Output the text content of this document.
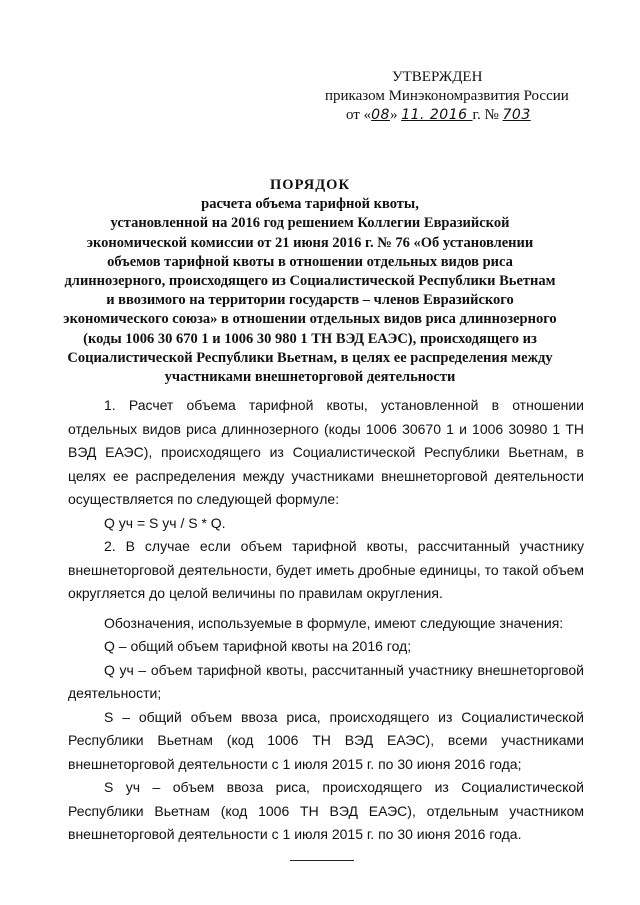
УТВЕРЖДЕН
приказом Минэкономразвития России
от «08» 11. 2016 г. № 703
ПОРЯДОК
расчета объема тарифной квоты,
установленной на 2016 год решением Коллегии Евразийской
экономической комиссии от 21 июня 2016 г. № 76 «Об установлении
объемов тарифной квоты в отношении отдельных видов риса
длиннозерного, происходящего из Социалистической Республики Вьетнам
и ввозимого на территории государств – членов Евразийского
экономического союза» в отношении отдельных видов риса длиннозерного
(коды 1006 30 670 1 и 1006 30 980 1 ТН ВЭД ЕАЭС), происходящего из
Социалистической Республики Вьетнам, в целях ее распределения между
участниками внешнеторговой деятельности

1. Расчет объема тарифной квоты, установленной в отношении отдельных видов риса длиннозерного (коды 1006 30670 1 и 1006 30980 1 ТН ВЭД ЕАЭС), происходящего из Социалистической Республики Вьетнам, в целях ее распределения между участниками внешнеторговой деятельности осуществляется по следующей формуле:

Q уч = S уч / S * Q.

2. В случае если объем тарифной квоты, рассчитанный участнику внешнеторговой деятельности, будет иметь дробные единицы, то такой объем округляется до целой величины по правилам округления.

Обозначения, используемые в формуле, имеют следующие значения:

Q – общий объем тарифной квоты на 2016 год;

Q уч – объем тарифной квоты, рассчитанный участнику внешнеторговой деятельности;

S – общий объем ввоза риса, происходящего из Социалистической Республики Вьетнам (код 1006 ТН ВЭД ЕАЭС), всеми участниками внешнеторговой деятельности с 1 июля 2015 г. по 30 июня 2016 года;

S уч – объем ввоза риса, происходящего из Социалистической Республики Вьетнам (код 1006 ТН ВЭД ЕАЭС), отдельным участником внешнеторговой деятельности с 1 июля 2015 г. по 30 июня 2016 года.
